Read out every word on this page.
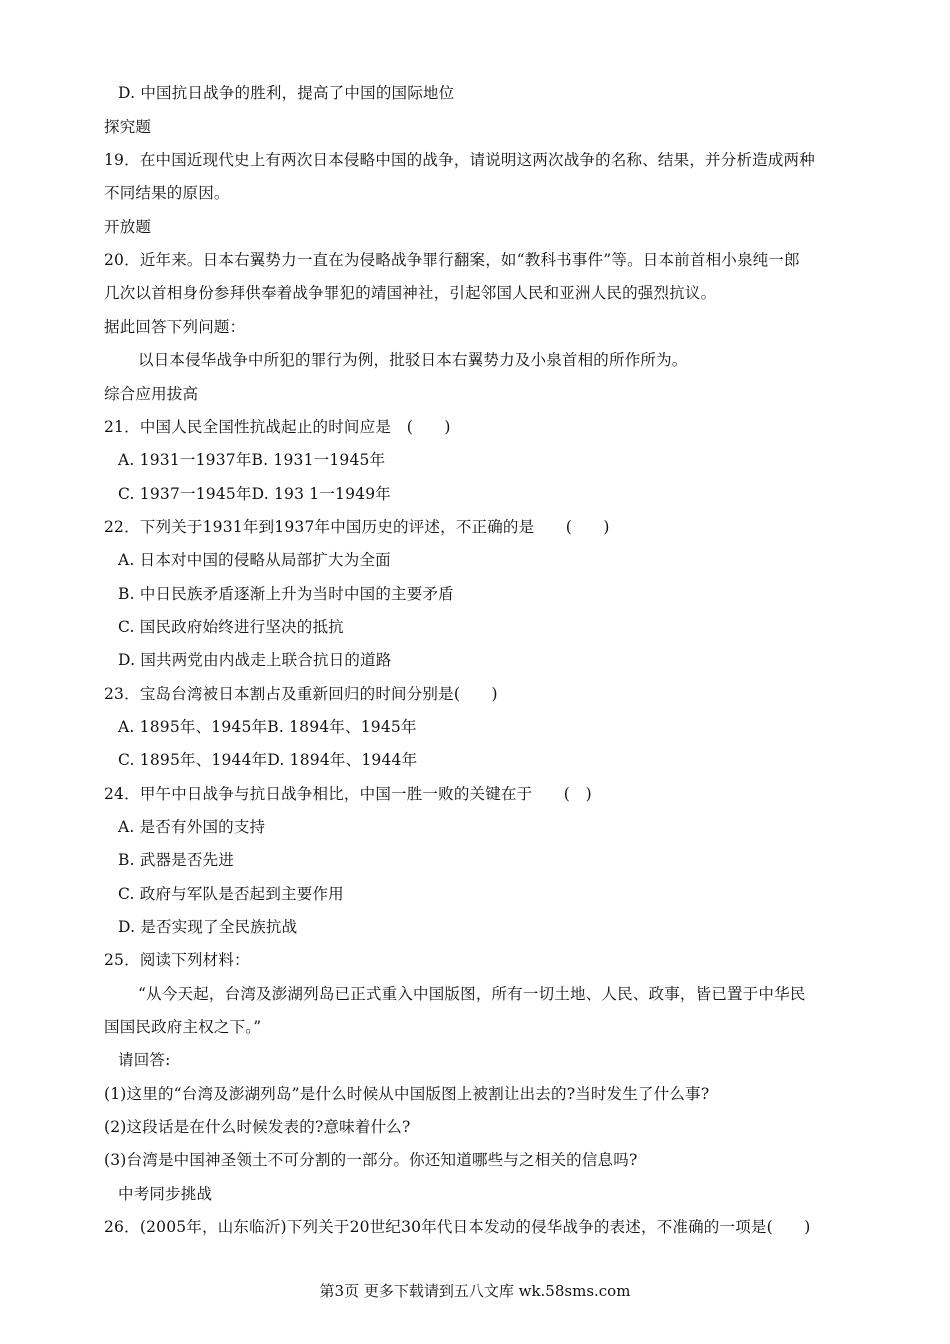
D. 中国抗日战争的胜利，提高了中国的国际地位
探究题
19．在中国近现代史上有两次日本侵略中国的战争，请说明这两次战争的名称、结果，并分析造成两种
不同结果的原因。
开放题
20．近年来。日本右翼势力一直在为侵略战争罪行翻案，如“教科书事件”等。日本前首相小泉纯一郎
几次以首相身份参拜供奉着战争罪犯的靖国神社，引起邻国人民和亚洲人民的强烈抗议。
据此回答下列问题：
以日本侵华战争中所犯的罪行为例，批驳日本右翼势力及小泉首相的所作所为。
综合应用拔高
21．中国人民全国性抗战起止的时间应是　(　　)
A. 1931一1937年B. 1931一1945年
C. 1937一1945年D. 193 1一1949年
22．下列关于1931年到1937年中国历史的评述，不正确的是　　(　　)
A. 日本对中国的侵略从局部扩大为全面
B. 中日民族矛盾逐渐上升为当时中国的主要矛盾
C. 国民政府始终进行坚决的抵抗
D. 国共两党由内战走上联合抗日的道路
23．宝岛台湾被日本割占及重新回归的时间分别是(　　)
A. 1895年、1945年B. 1894年、1945年
C. 1895年、1944年D. 1894年、1944年
24．甲午中日战争与抗日战争相比，中国一胜一败的关键在于　　(　)
A. 是否有外国的支持
B. 武器是否先进
C. 政府与军队是否起到主要作用
D. 是否实现了全民族抗战
25．阅读下列材料：
“从今天起，台湾及澎湖列岛已正式重入中国版图，所有一切土地、人民、政事，皆已置于中华民
国国民政府主权之下。”
请回答:
(1)这里的“台湾及澎湖列岛”是什么时候从中国版图上被割让出去的?当时发生了什么事?
(2)这段话是在什么时候发表的?意味着什么?
(3)台湾是中国神圣领土不可分割的一部分。你还知道哪些与之相关的信息吗?
中考同步挑战
26．(2005年，山东临沂)下列关于20世纪30年代日本发动的侵华战争的表述，不准确的一项是(　　)
第3页 更多下载请到五八文库 wk.58sms.com
